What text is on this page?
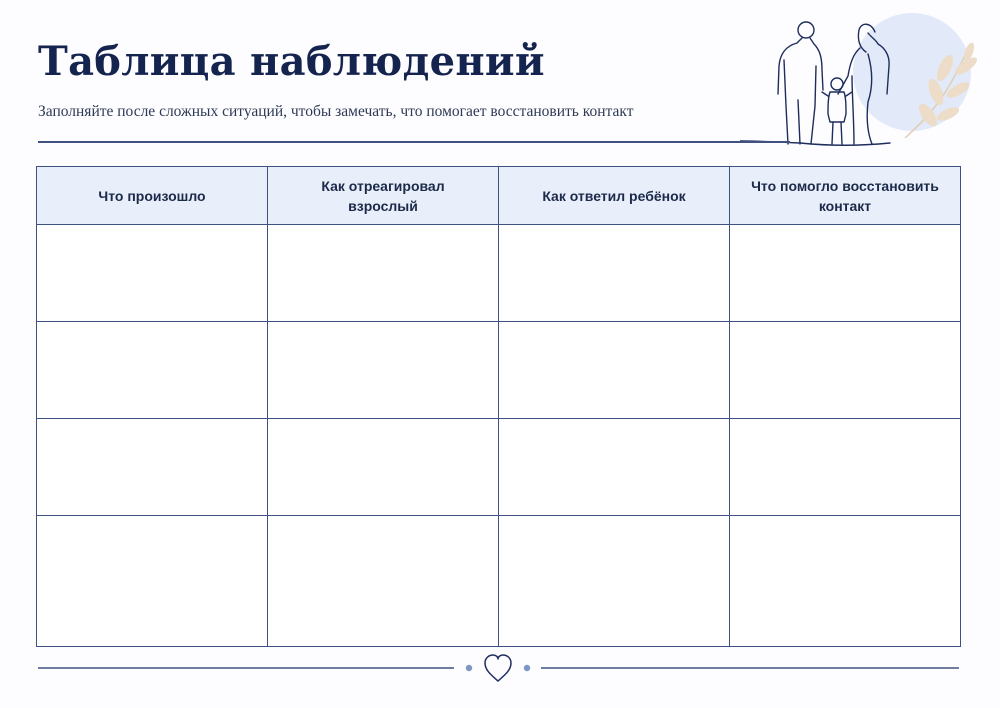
Таблица наблюдений
Заполняйте после сложных ситуаций, чтобы замечать, что помогает восстановить контакт
Что произошло	Как отреагировал взрослый	Как ответил ребёнок	Что помогло восстановить контакт
